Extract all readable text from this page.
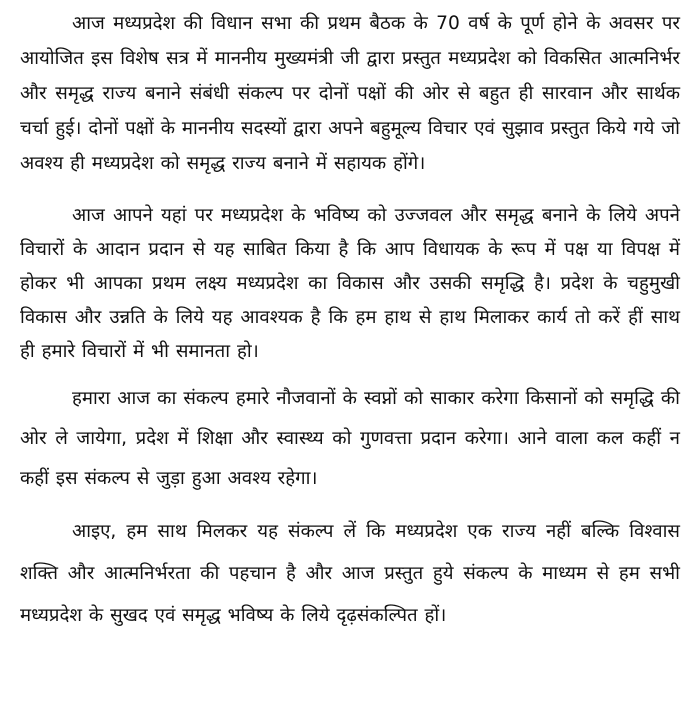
आज मध्यप्रदेश की विधान सभा की प्रथम बैठक के 70 वर्ष के पूर्ण होने के अवसर पर आयोजित इस विशेष सत्र में माननीय मुख्यमंत्री जी द्वारा प्रस्तुत मध्यप्रदेश को विकसित आत्मनिर्भर और समृद्ध राज्य बनाने संबंधी संकल्प पर दोनों पक्षों की ओर से बहुत ही सारवान और सार्थक चर्चा हुई। दोनों पक्षों के माननीय सदस्यों द्वारा अपने बहुमूल्य विचार एवं सुझाव प्रस्तुत किये गये जो अवश्य ही मध्यप्रदेश को समृद्ध राज्य बनाने में सहायक होंगे।

आज आपने यहां पर मध्यप्रदेश के भविष्य को उज्जवल और समृद्ध बनाने के लिये अपने विचारों के आदान प्रदान से यह साबित किया है कि आप विधायक के रूप में पक्ष या विपक्ष में होकर भी आपका प्रथम लक्ष्य मध्यप्रदेश का विकास और उसकी समृद्धि है। प्रदेश के चहुमुखी विकास और उन्नति के लिये यह आवश्यक है कि हम हाथ से हाथ मिलाकर कार्य तो करें हीं साथ ही हमारे विचारों में भी समानता हो।

हमारा आज का संकल्प हमारे नौजवानों के स्वप्नों को साकार करेगा किसानों को समृद्धि की ओर ले जायेगा, प्रदेश में शिक्षा और स्वास्थ्य को गुणवत्ता प्रदान करेगा। आने वाला कल कहीं न कहीं इस संकल्प से जुड़ा हुआ अवश्य रहेगा।

आइए, हम साथ मिलकर यह संकल्प लें कि मध्यप्रदेश एक राज्य नहीं बल्कि विश्वास शक्ति और आत्मनिर्भरता की पहचान है और आज प्रस्तुत हुये संकल्प के माध्यम से हम सभी मध्यप्रदेश के सुखद एवं समृद्ध भविष्य के लिये दृढ़संकल्पित हों।
